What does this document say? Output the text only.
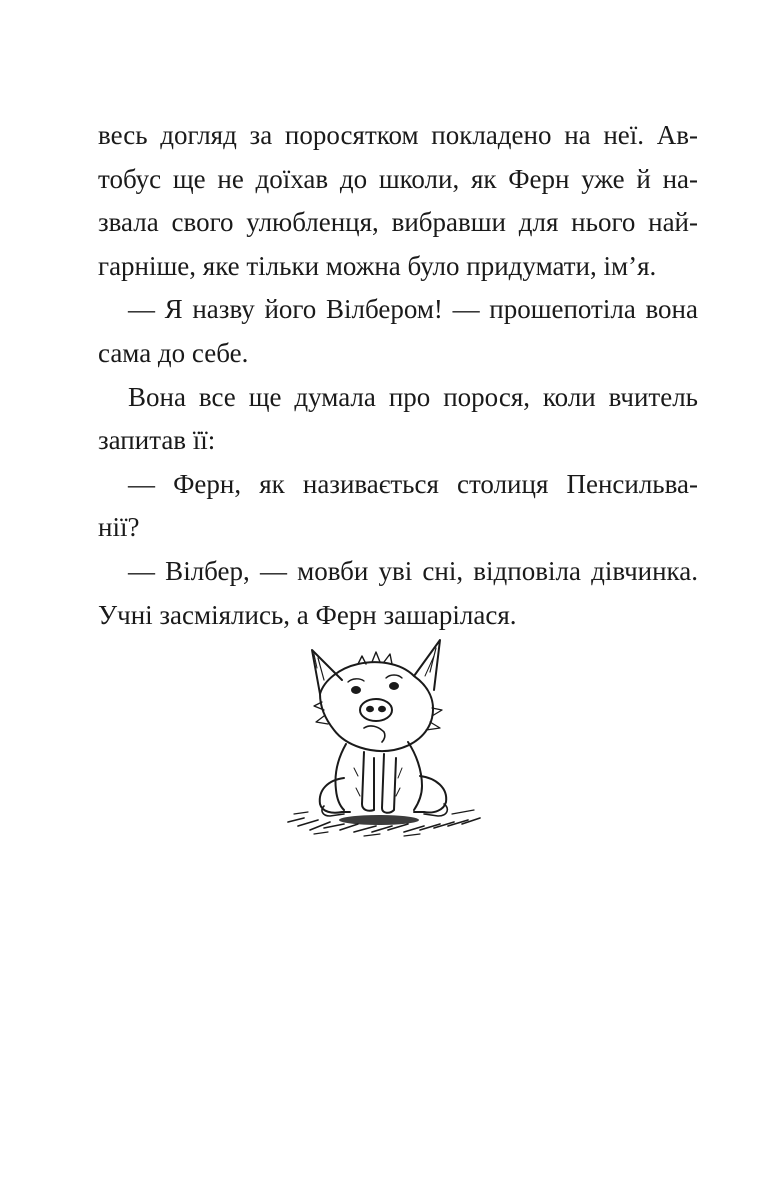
весь догляд за поросятком покладено на неї. Ав-
тобус ще не доїхав до школи, як Ферн уже й на-
звала свого улюбленця, вибравши для нього най-
гарніше, яке тільки можна було придумати, ім’я.
— Я назву його Вілбером! — прошепотіла вона
сама до себе.
Вона все ще думала про порося, коли вчитель
запитав її:
— Ферн, як називається столиця Пенсильва-
нії?
— Вілбер, — мовби уві сні, відповіла дівчинка.
Учні засміялись, а Ферн зашарілася.
